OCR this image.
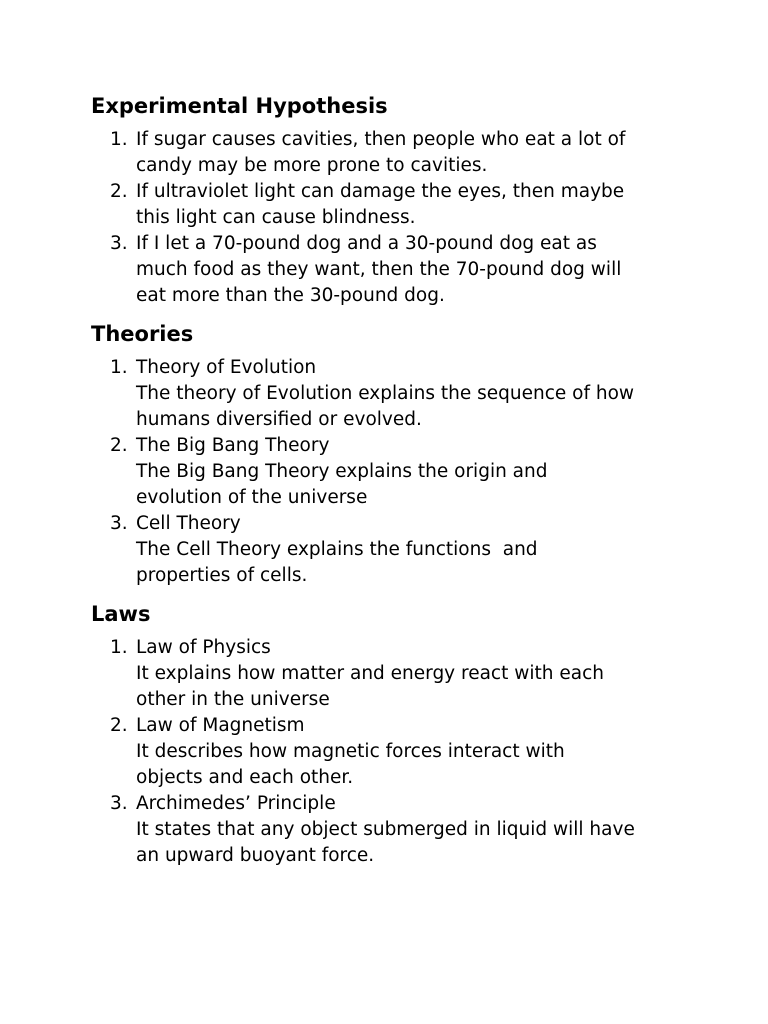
Experimental Hypothesis
1. If sugar causes cavities, then people who eat a lot of
candy may be more prone to cavities.
2. If ultraviolet light can damage the eyes, then maybe
this light can cause blindness.
3. If I let a 70-pound dog and a 30-pound dog eat as
much food as they want, then the 70-pound dog will
eat more than the 30-pound dog.
Theories
1. Theory of Evolution
The theory of Evolution explains the sequence of how
humans diversified or evolved.
2. The Big Bang Theory
The Big Bang Theory explains the origin and
evolution of the universe
3. Cell Theory
The Cell Theory explains the functions  and
properties of cells.
Laws
1. Law of Physics
It explains how matter and energy react with each
other in the universe
2. Law of Magnetism
It describes how magnetic forces interact with
objects and each other.
3. Archimedes’ Principle
It states that any object submerged in liquid will have
an upward buoyant force.
